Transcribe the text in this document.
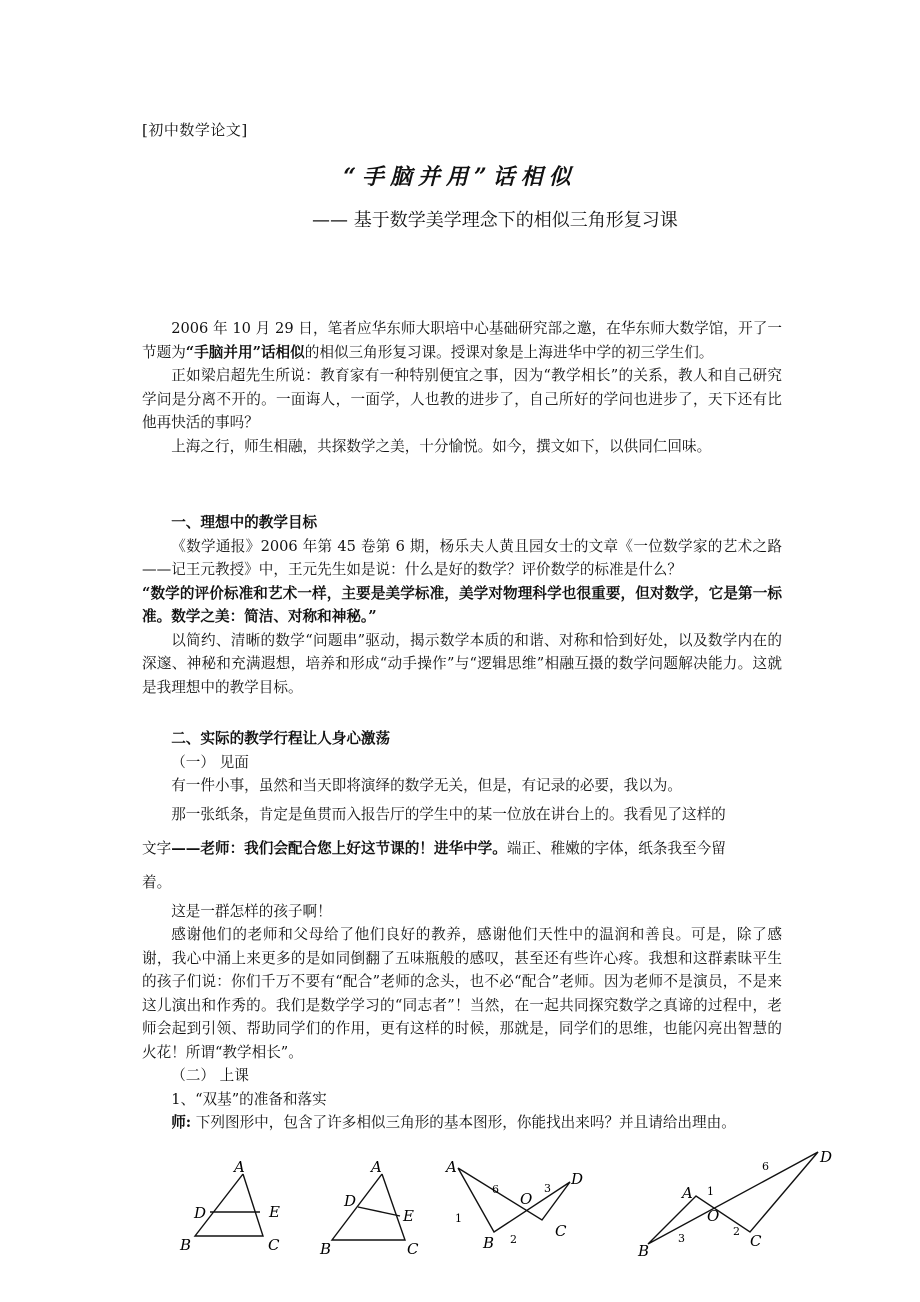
[初中数学论文]
“手脑并用”话相似
—— 基于数学美学理念下的相似三角形复习课

2006 年 10 月 29 日，笔者应华东师大职培中心基础研究部之邀，在华东师大数学馆，开了一节题为“手脑并用”话相似的相似三角形复习课。授课对象是上海进华中学的初三学生们。

正如梁启超先生所说：教育家有一种特别便宜之事，因为“教学相长”的关系，教人和自己研究学问是分离不开的。一面诲人，一面学，人也教的进步了，自己所好的学问也进步了，天下还有比他再快活的事吗？

上海之行，师生相融，共探数学之美，十分愉悦。如今，撰文如下，以供同仁回味。

一、理想中的教学目标

《数学通报》2006 年第 45 卷第 6 期，杨乐夫人黄且园女士的文章《一位数学家的艺术之路——记王元教授》中，王元先生如是说：什么是好的数学？评价数学的标准是什么？

“数学的评价标准和艺术一样，主要是美学标准，美学对物理科学也很重要，但对数学，它是第一标准。数学之美：简洁、对称和神秘。”

以简约、清晰的数学“问题串”驱动，揭示数学本质的和谐、对称和恰到好处，以及数学内在的深邃、神秘和充满遐想，培养和形成“动手操作”与“逻辑思维”相融互摄的数学问题解决能力。这就是我理想中的教学目标。

二、实际的教学行程让人身心激荡

（一） 见面

有一件小事，虽然和当天即将演绎的数学无关，但是，有记录的必要，我以为。

那一张纸条，肯定是鱼贯而入报告厅的学生中的某一位放在讲台上的。我看见了这样的

文字——老师：我们会配合您上好这节课的！进华中学。端正、稚嫩的字体，纸条我至今留

着。

这是一群怎样的孩子啊！

感谢他们的老师和父母给了他们良好的教养，感谢他们天性中的温润和善良。可是，除了感谢，我心中涌上来更多的是如同倒翻了五味瓶般的感叹，甚至还有些许心疼。我想和这群素昧平生的孩子们说：你们千万不要有“配合”老师的念头，也不必“配合”老师。因为老师不是演员，不是来这儿演出和作秀的。我们是数学学习的“同志者”！当然，在一起共同探究数学之真谛的过程中，老师会起到引领、帮助同学们的作用，更有这样的时候，那就是，同学们的思维，也能闪亮出智慧的火花！所谓“教学相长”。

（二） 上课

1、“双基”的准备和落实

师: 下列图形中，包含了许多相似三角形的基本图形，你能找出来吗？并且请给出理由。

A
D	E
B	C
A
D
E
B	C
A
D
O
B
C
6	3
1
2
A
D
O
B
C
6
1
3
2
